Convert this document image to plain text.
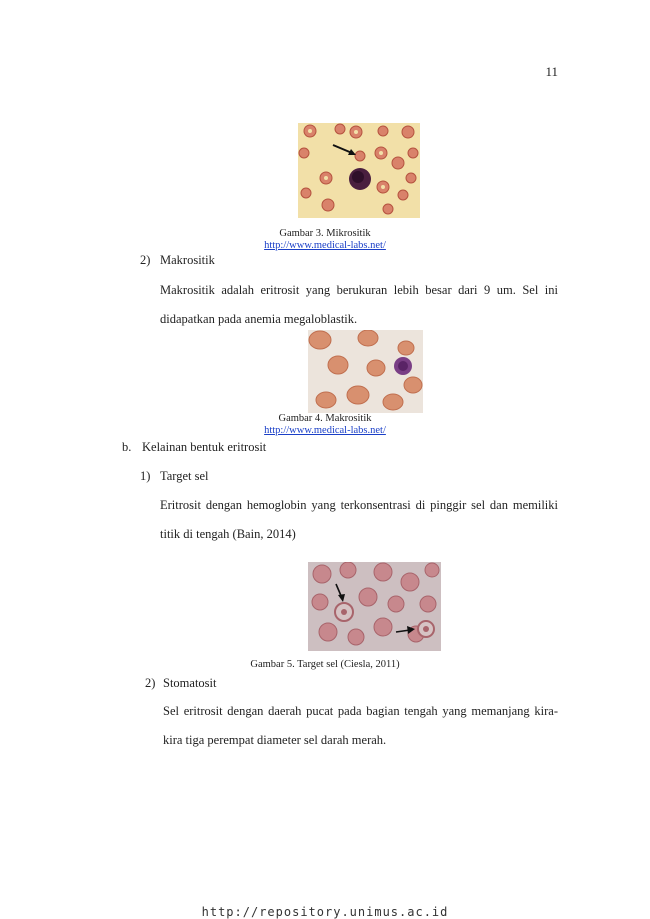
11
Gambar 3. Mikrositik
http://www.medical-labs.net/
2) Makrositik
Makrositik adalah eritrosit yang berukuran lebih besar dari 9 um. Sel ini didapatkan pada anemia megaloblastik.
Gambar 4. Makrositik
http://www.medical-labs.net/
b. Kelainan bentuk eritrosit
1) Target sel
Eritrosit dengan hemoglobin yang terkonsentrasi di pinggir sel dan memiliki titik di tengah (Bain, 2014)
Gambar 5. Target sel (Ciesla, 2011)
2) Stomatosit
Sel eritrosit dengan daerah pucat pada bagian tengah yang memanjang kira-kira tiga perempat diameter sel darah merah.
http://repository.unimus.ac.id
